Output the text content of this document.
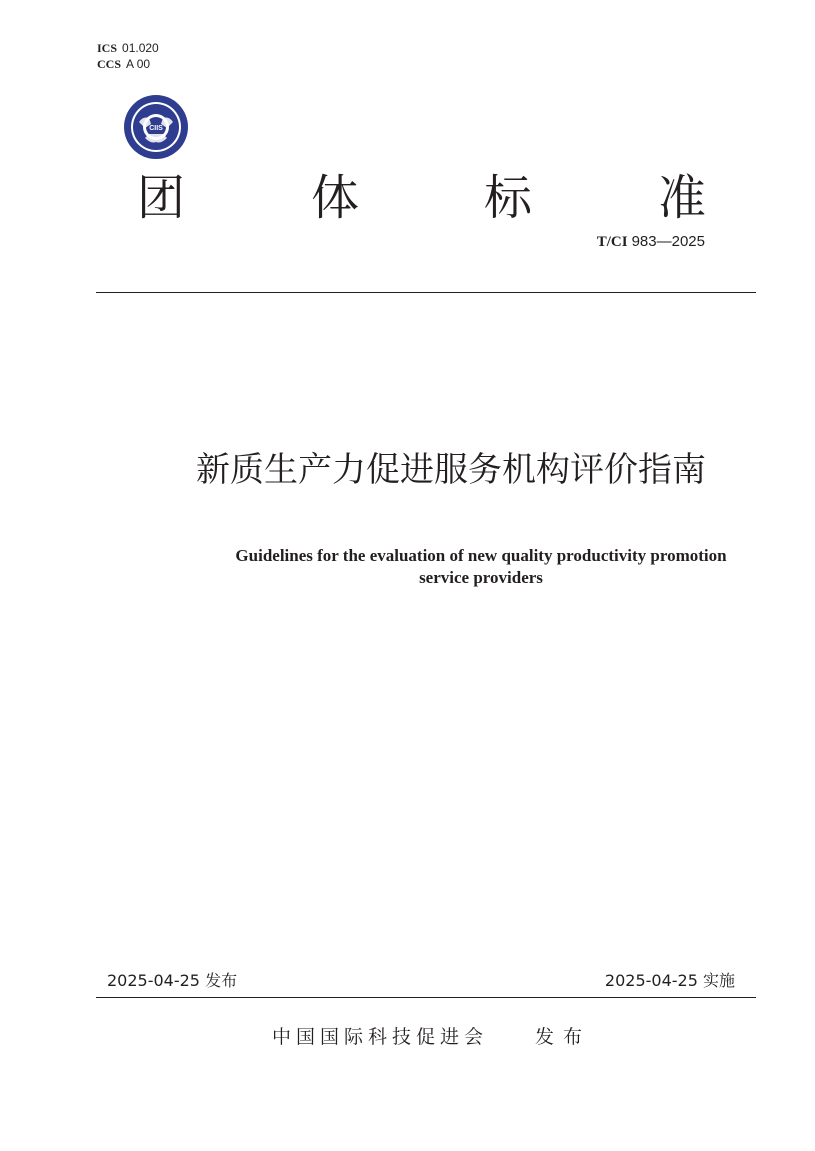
ICS 01.020
CCS A 00
CIIS
团	体	标	准
T/CI 983—2025
新质生产力促进服务机构评价指南
Guidelines for the evaluation of new quality productivity promotion
service providers
2025-04-25 发布	2025-04-25 实施
中国国际科技促进会 发布
